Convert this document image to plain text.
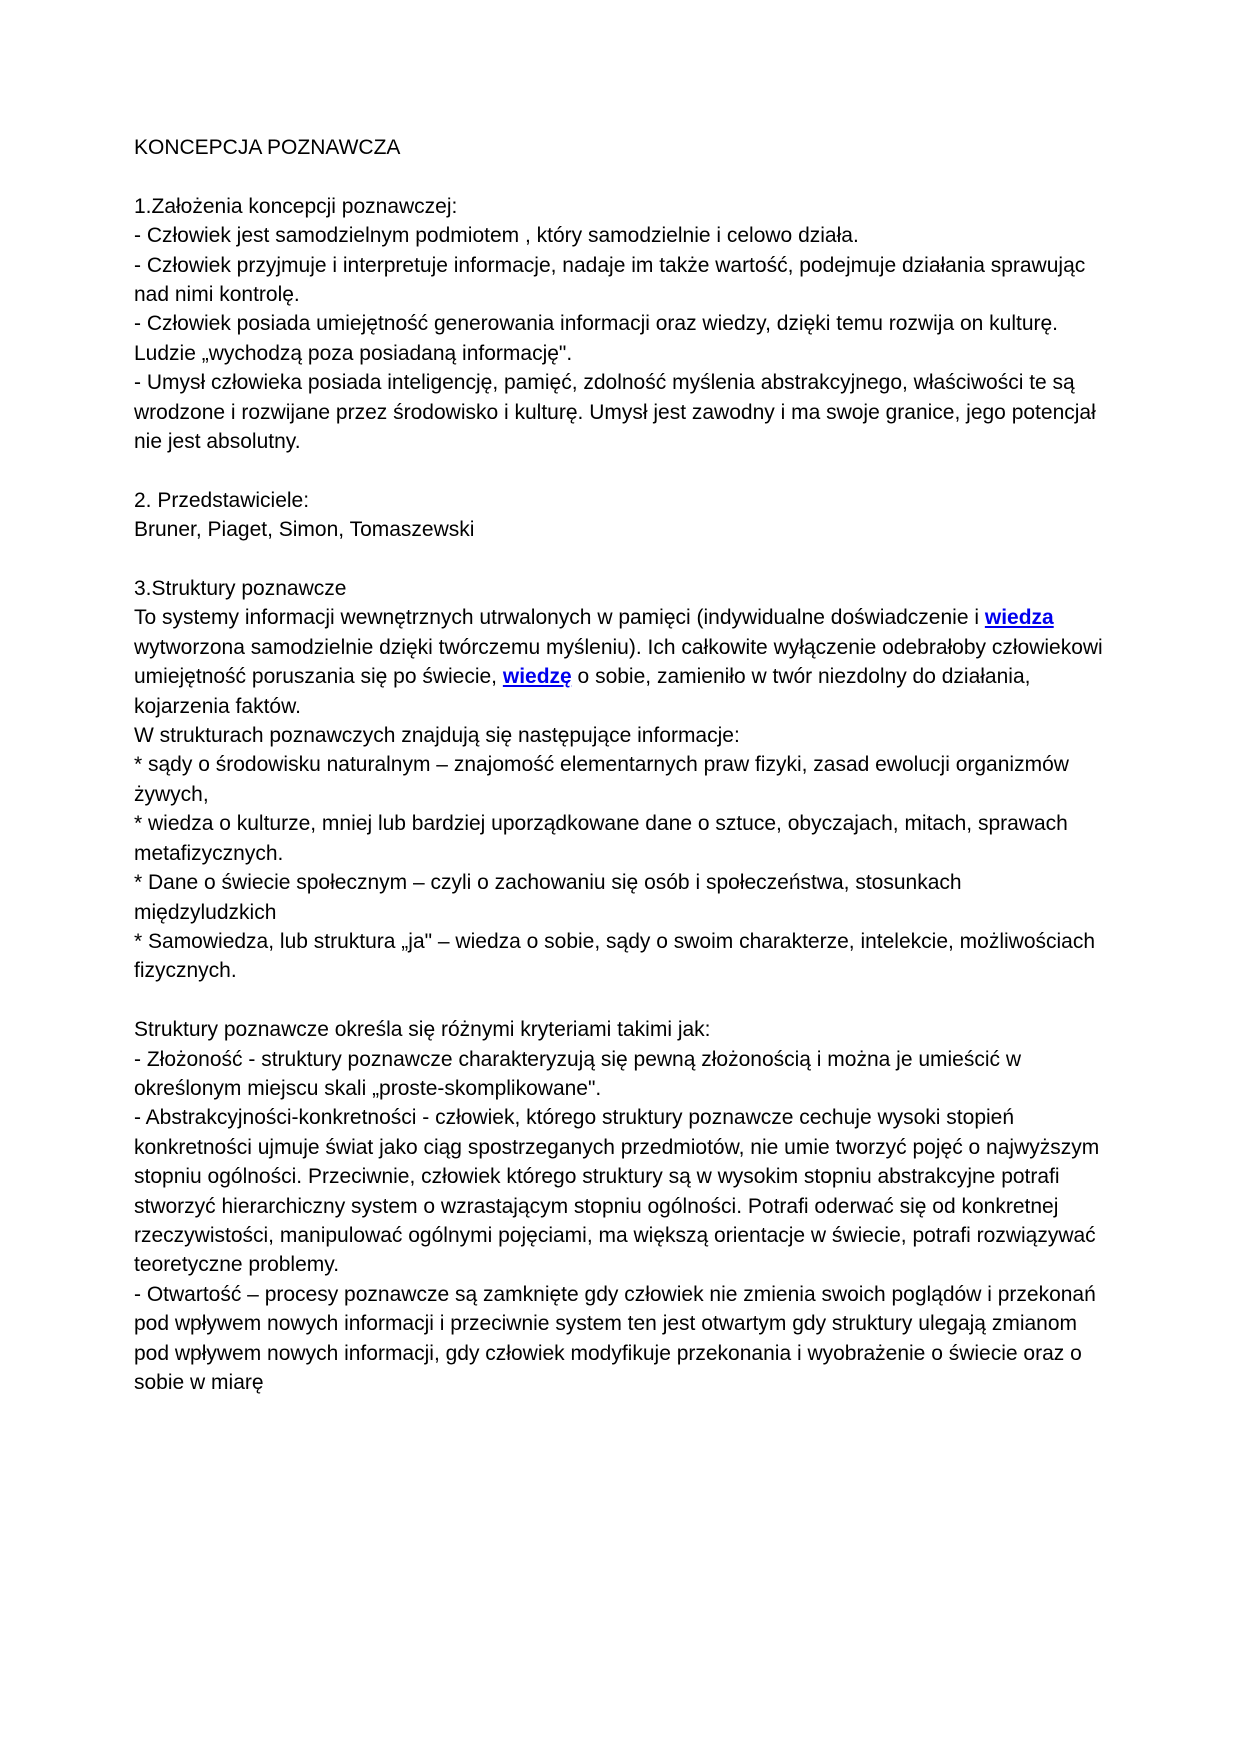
KONCEPCJA POZNAWCZA
1.Założenia koncepcji poznawczej:
- Człowiek jest samodzielnym podmiotem , który samodzielnie i celowo działa.
- Człowiek przyjmuje i interpretuje informacje, nadaje im także wartość, podejmuje działania sprawując nad nimi kontrolę.
- Człowiek posiada umiejętność generowania informacji oraz wiedzy, dzięki temu rozwija on kulturę. Ludzie „wychodzą poza posiadaną informację".
- Umysł człowieka posiada inteligencję, pamięć, zdolność myślenia abstrakcyjnego, właściwości te są wrodzone i rozwijane przez środowisko i kulturę. Umysł jest zawodny i ma swoje granice, jego potencjał nie jest absolutny.
2. Przedstawiciele:
Bruner, Piaget, Simon, Tomaszewski
3.Struktury poznawcze
To systemy informacji wewnętrznych utrwalonych w pamięci (indywidualne doświadczenie i wiedza wytworzona samodzielnie dzięki twórczemu myśleniu). Ich całkowite wyłączenie odebrałoby człowiekowi umiejętność poruszania się po świecie, wiedzę o sobie, zamieniło w twór niezdolny do działania, kojarzenia faktów.
W strukturach poznawczych znajdują się następujące informacje:
* sądy o środowisku naturalnym – znajomość elementarnych praw fizyki, zasad ewolucji organizmów żywych,
* wiedza o kulturze, mniej lub bardziej uporządkowane dane o sztuce, obyczajach, mitach, sprawach metafizycznych.
* Dane o świecie społecznym – czyli o zachowaniu się osób i społeczeństwa, stosunkach międzyludzkich
* Samowiedza, lub struktura „ja" – wiedza o sobie, sądy o swoim charakterze, intelekcie, możliwościach fizycznych.
Struktury poznawcze określa się różnymi kryteriami takimi jak:
- Złożoność - struktury poznawcze charakteryzują się pewną złożonością i można je umieścić w określonym miejscu skali „proste-skomplikowane".
- Abstrakcyjności-konkretności - człowiek, którego struktury poznawcze cechuje wysoki stopień konkretności ujmuje świat jako ciąg spostrzeganych przedmiotów, nie umie tworzyć pojęć o najwyższym stopniu ogólności. Przeciwnie, człowiek którego struktury są w wysokim stopniu abstrakcyjne potrafi stworzyć hierarchiczny system o wzrastającym stopniu ogólności. Potrafi oderwać się od konkretnej rzeczywistości, manipulować ogólnymi pojęciami, ma większą orientacje w świecie, potrafi rozwiązywać teoretyczne problemy.
- Otwartość – procesy poznawcze są zamknięte gdy człowiek nie zmienia swoich poglądów i przekonań pod wpływem nowych informacji i przeciwnie system ten jest otwartym gdy struktury ulegają zmianom pod wpływem nowych informacji, gdy człowiek modyfikuje przekonania i wyobrażenie o świecie oraz o sobie w miarę
